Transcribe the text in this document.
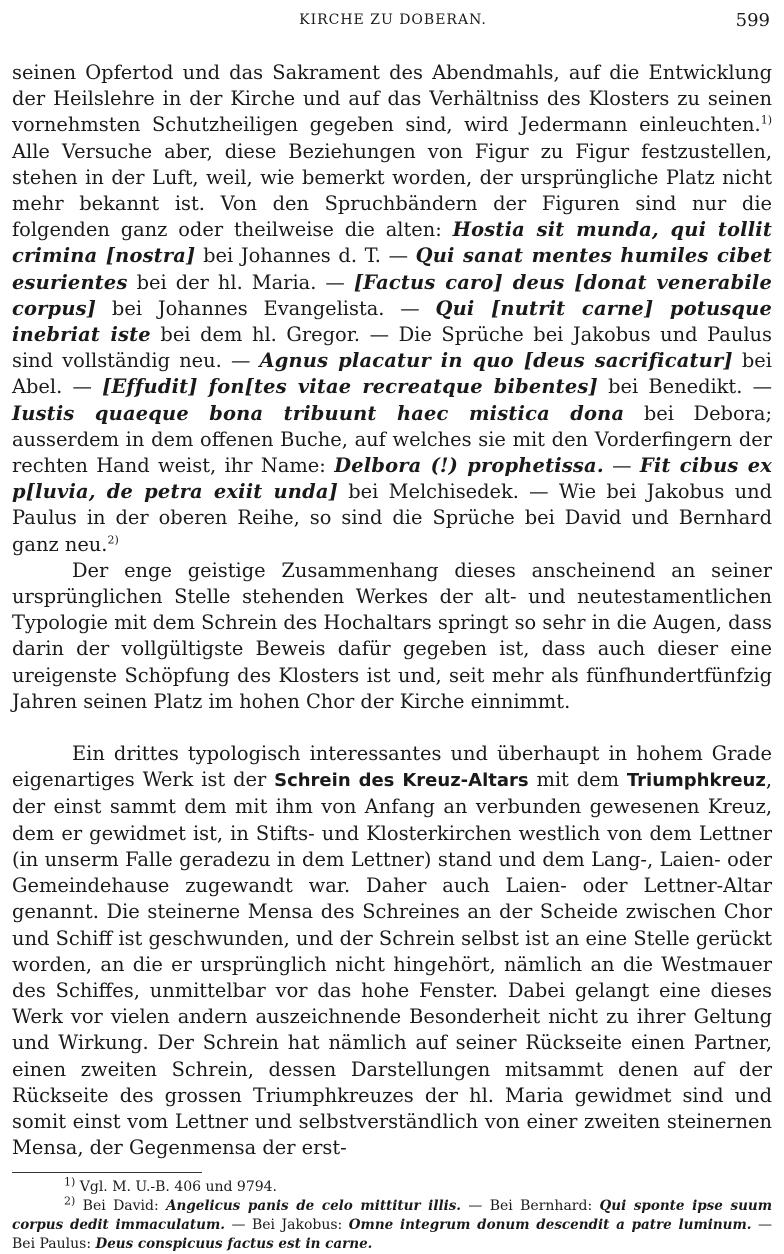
KIRCHE ZU DOBERAN.	599

seinen Opfertod und das Sakrament des Abendmahls, auf die Entwicklung der Heilslehre in der Kirche und auf das Verhältniss des Klosters zu seinen vornehmsten Schutzheiligen gegeben sind, wird Jedermann einleuchten.$^{1)}$ Alle Versuche aber, diese Beziehungen von Figur zu Figur festzustellen, stehen in der Luft, weil, wie bemerkt worden, der ursprüngliche Platz nicht mehr bekannt ist. Von den Spruchbändern der Figuren sind nur die folgenden ganz oder theilweise die alten: Hostia sit munda, qui tollit crimina [nostra] bei Johannes d. T. — Qui sanat mentes humiles cibet esurientes bei der hl. Maria. — [Factus caro] deus [donat venerabile corpus] bei Johannes Evangelista. — Qui [nutrit carne] potusque inebriat iste bei dem hl. Gregor. — Die Sprüche bei Jakobus und Paulus sind vollständig neu. — Agnus placatur in quo [deus sacrificatur] bei Abel. — [Effudit] fon[tes vitae recreatque bibentes] bei Benedikt. — Iustis quaeque bona tribuunt haec mistica dona bei Debora; ausserdem in dem offenen Buche, auf welches sie mit den Vorderfingern der rechten Hand weist, ihr Name: Delbora (!) prophetissa. — Fit cibus ex p[luvia, de petra exiit unda] bei Melchisedek. — Wie bei Jakobus und Paulus in der oberen Reihe, so sind die Sprüche bei David und Bernhard ganz neu.$^{2)}$

Der enge geistige Zusammenhang dieses anscheinend an seiner ursprünglichen Stelle stehenden Werkes der alt- und neutestamentlichen Typologie mit dem Schrein des Hochaltars springt so sehr in die Augen, dass darin der vollgültigste Beweis dafür gegeben ist, dass auch dieser eine ureigenste Schöpfung des Klosters ist und, seit mehr als fünfhundertfünfzig Jahren seinen Platz im hohen Chor der Kirche einnimmt.

Ein drittes typologisch interessantes und überhaupt in hohem Grade eigenartiges Werk ist der Schrein des Kreuz-Altars mit dem Triumphkreuz, der einst sammt dem mit ihm von Anfang an verbunden gewesenen Kreuz, dem er gewidmet ist, in Stifts- und Klosterkirchen westlich von dem Lettner (in unserm Falle geradezu in dem Lettner) stand und dem Lang-, Laien- oder Gemeindehause zugewandt war. Daher auch Laien- oder Lettner-Altar genannt. Die steinerne Mensa des Schreines an der Scheide zwischen Chor und Schiff ist geschwunden, und der Schrein selbst ist an eine Stelle gerückt worden, an die er ursprünglich nicht hingehört, nämlich an die Westmauer des Schiffes, unmittelbar vor das hohe Fenster. Dabei gelangt eine dieses Werk vor vielen andern auszeichnende Besonderheit nicht zu ihrer Geltung und Wirkung. Der Schrein hat nämlich auf seiner Rückseite einen Partner, einen zweiten Schrein, dessen Darstellungen mitsammt denen auf der Rückseite des grossen Triumphkreuzes der hl. Maria gewidmet sind und somit einst vom Lettner und selbstverständlich von einer zweiten steinernen Mensa, der Gegenmensa der erst-

$^{1)}$ Vgl. M. U.-B. 406 und 9794.

$^{2)}$ Bei David: Angelicus panis de celo mittitur illis. — Bei Bernhard: Qui sponte ipse suum corpus dedit immaculatum. — Bei Jakobus: Omne integrum donum descendit a patre luminum. — Bei Paulus: Deus conspicuus factus est in carne.
